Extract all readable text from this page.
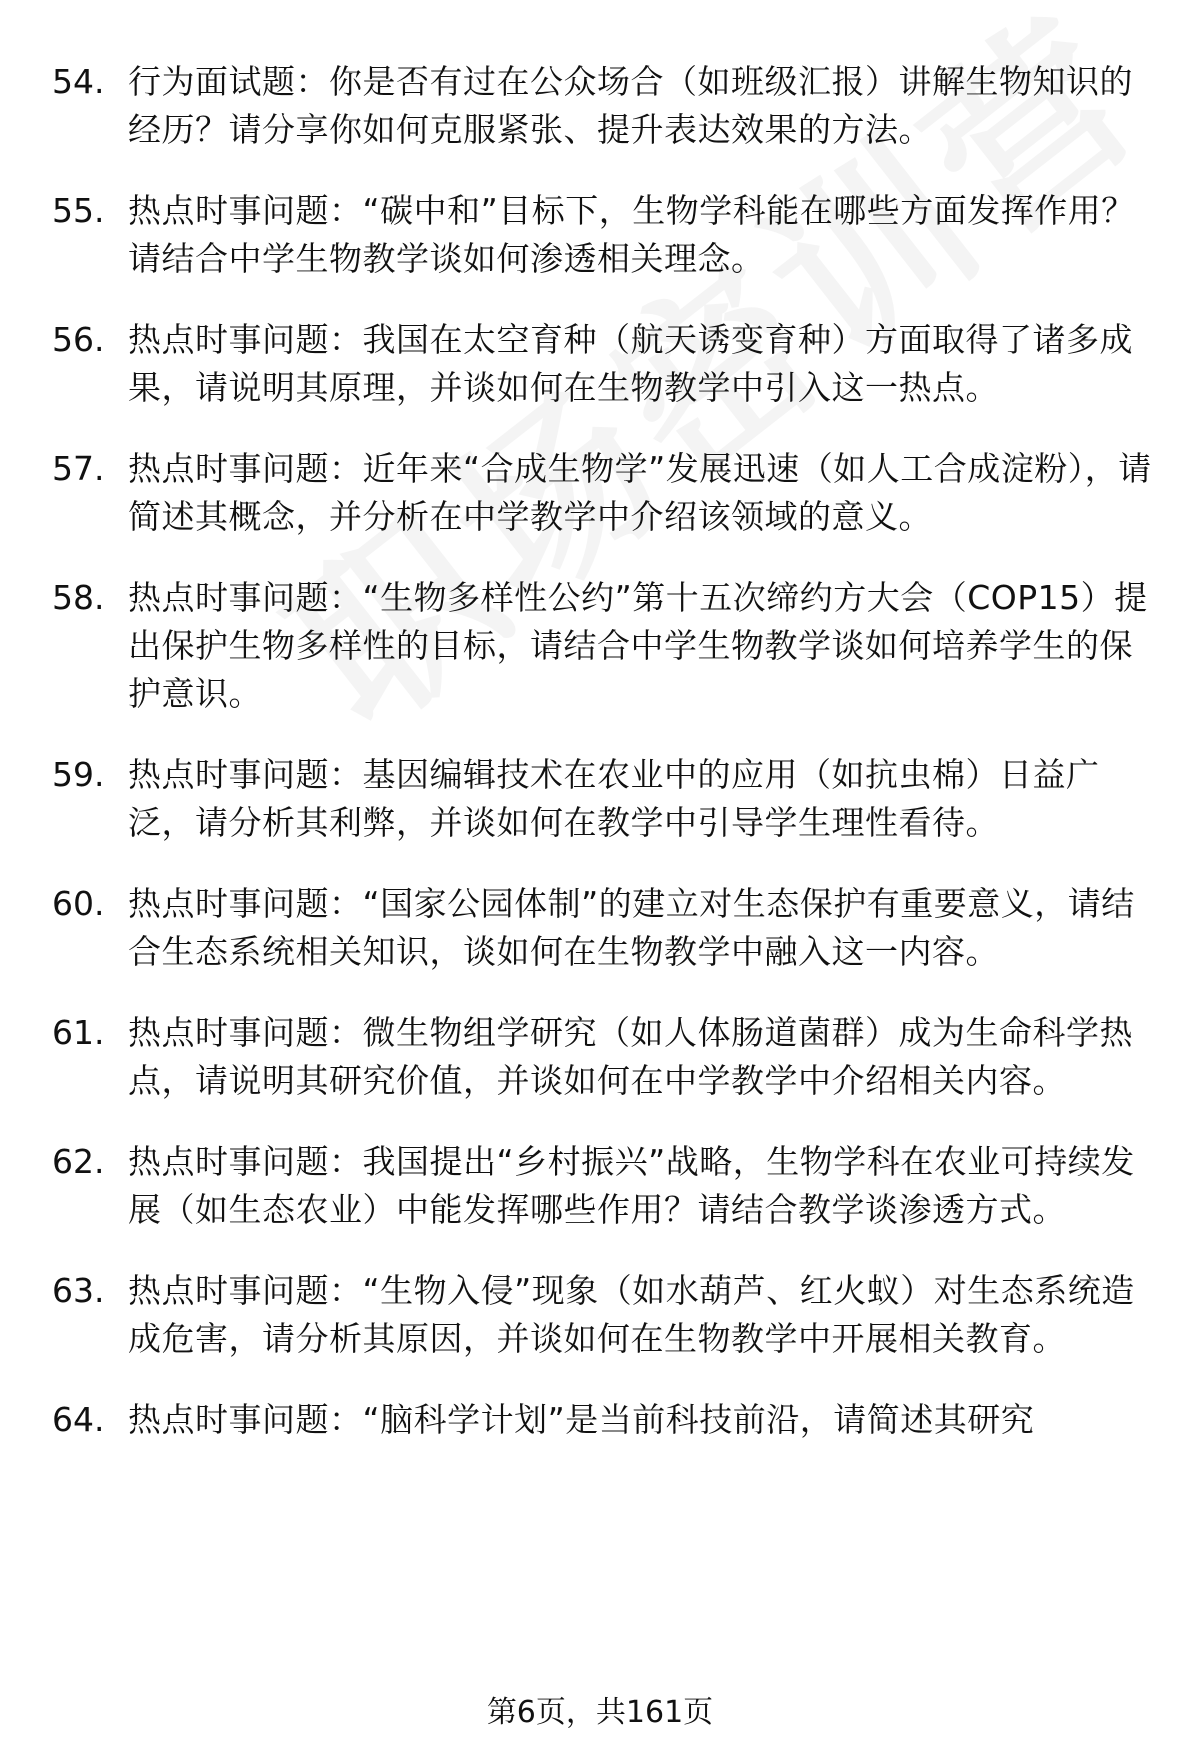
54. 行为面试题：你是否有过在公众场合（如班级汇报）讲解生物知识的经历？请分享你如何克服紧张、提升表达效果的方法。
55. 热点时事问题：“碳中和”目标下，生物学科能在哪些方面发挥作用？请结合中学生物教学谈如何渗透相关理念。
56. 热点时事问题：我国在太空育种（航天诱变育种）方面取得了诸多成果，请说明其原理，并谈如何在生物教学中引入这一热点。
57. 热点时事问题：近年来“合成生物学”发展迅速（如人工合成淀粉），请简述其概念，并分析在中学教学中介绍该领域的意义。
58. 热点时事问题：“生物多样性公约”第十五次缔约方大会（COP15）提出保护生物多样性的目标，请结合中学生物教学谈如何培养学生的保护意识。
59. 热点时事问题：基因编辑技术在农业中的应用（如抗虫棉）日益广泛，请分析其利弊，并谈如何在教学中引导学生理性看待。
60. 热点时事问题：“国家公园体制”的建立对生态保护有重要意义，请结合生态系统相关知识，谈如何在生物教学中融入这一内容。
61. 热点时事问题：微生物组学研究（如人体肠道菌群）成为生命科学热点，请说明其研究价值，并谈如何在中学教学中介绍相关内容。
62. 热点时事问题：我国提出“乡村振兴”战略，生物学科在农业可持续发展（如生态农业）中能发挥哪些作用？请结合教学谈渗透方式。
63. 热点时事问题：“生物入侵”现象（如水葫芦、红火蚁）对生态系统造成危害，请分析其原因，并谈如何在生物教学中开展相关教育。
64. 热点时事问题：“脑科学计划”是当前科技前沿，请简述其研究
第6页，共161页
